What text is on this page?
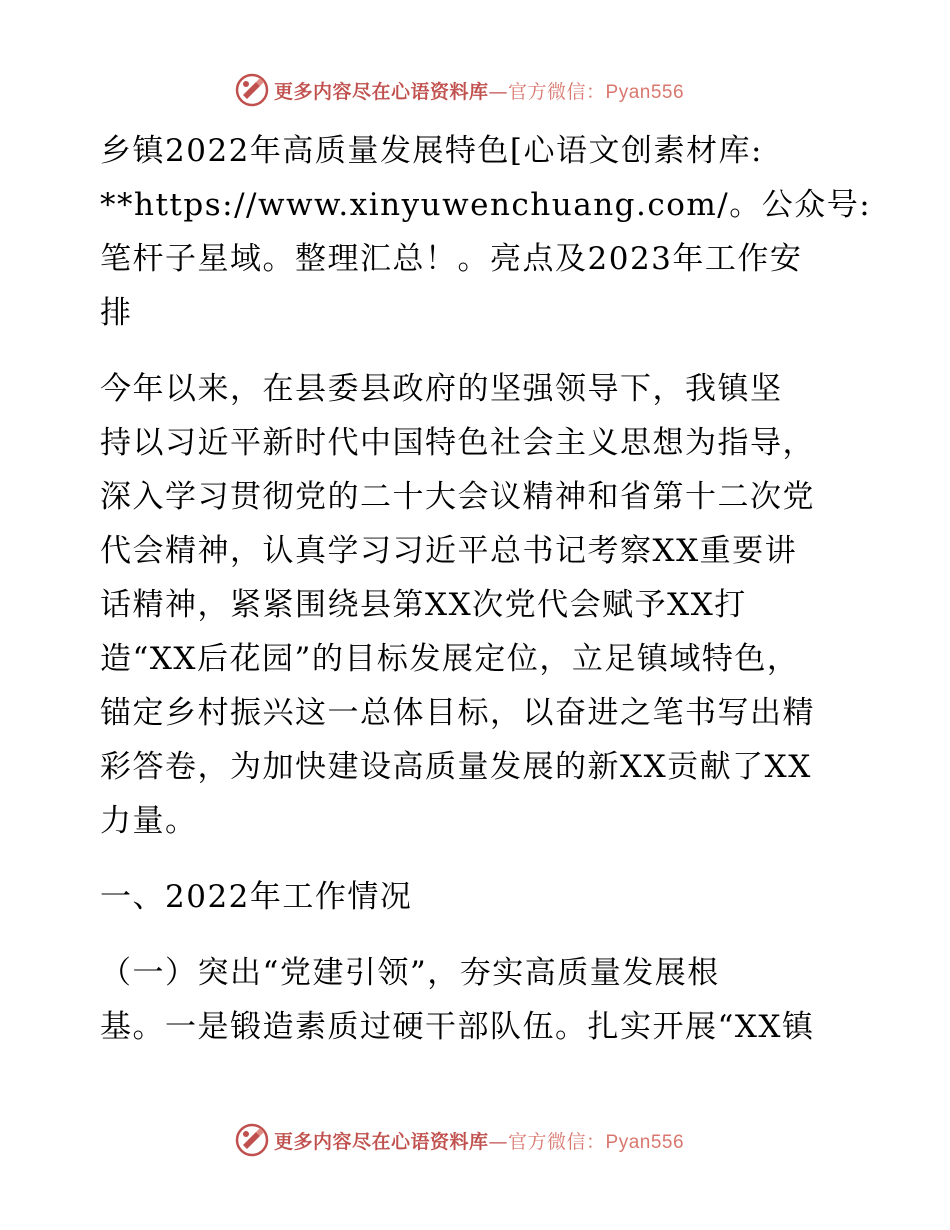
更多内容尽在心语资料库—官方微信：Pyan556
乡镇2022年高质量发展特色[心语文创素材库:
**https://www.xinyuwenchuang.com/。公众号:
笔杆子星域。整理汇总！。亮点及2023年工作安
排
今年以来，在县委县政府的坚强领导下，我镇坚
持以习近平新时代中国特色社会主义思想为指导，
深入学习贯彻党的二十大会议精神和省第十二次党
代会精神，认真学习习近平总书记考察XX重要讲
话精神，紧紧围绕县第XX次党代会赋予XX打
造“XX后花园”的目标发展定位，立足镇域特色，
锚定乡村振兴这一总体目标，以奋进之笔书写出精
彩答卷，为加快建设高质量发展的新XX贡献了XX
力量。
一、2022年工作情况
（一）突出“党建引领”，夯实高质量发展根
基。一是锻造素质过硬干部队伍。扎实开展“XX镇
更多内容尽在心语资料库—官方微信：Pyan556
